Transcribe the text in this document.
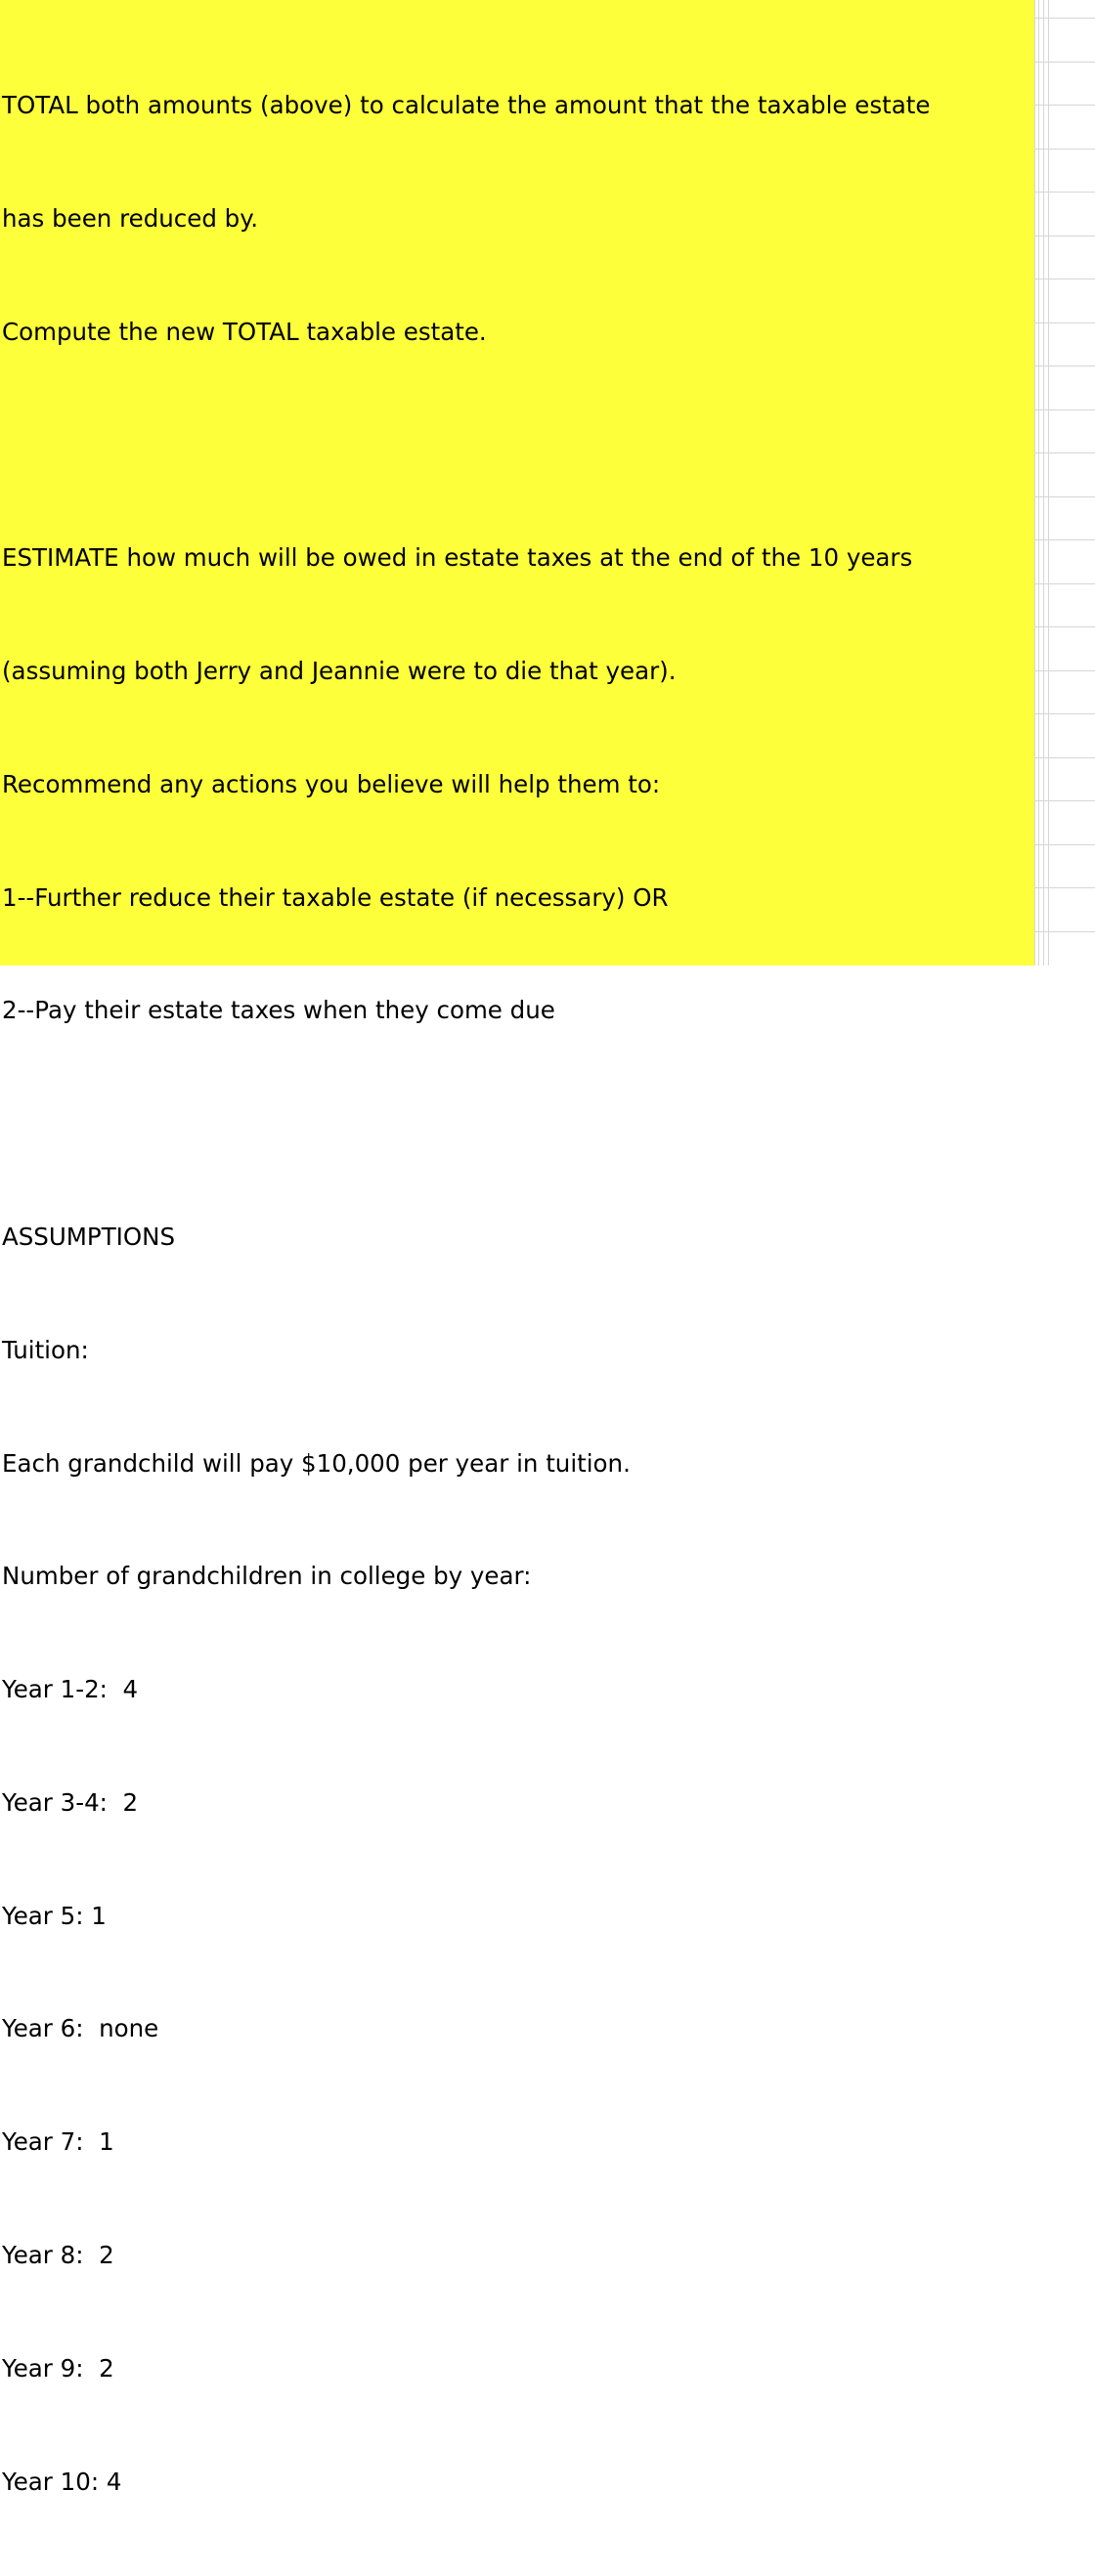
TOTAL both amounts (above) to calculate the amount that the taxable estate

has been reduced by.

Compute the new TOTAL taxable estate.

ESTIMATE how much will be owed in estate taxes at the end of the 10 years

(assuming both Jerry and Jeannie were to die that year).

Recommend any actions you believe will help them to:

1--Further reduce their taxable estate (if necessary) OR

2--Pay their estate taxes when they come due

ASSUMPTIONS

Tuition:

Each grandchild will pay $10,000 per year in tuition.

Number of grandchildren in college by year:

Year 1-2:  4

Year 3-4:  2

Year 5: 1

Year 6:  none

Year 7:  1

Year 8:  2

Year 9:  2

Year 10: 4
